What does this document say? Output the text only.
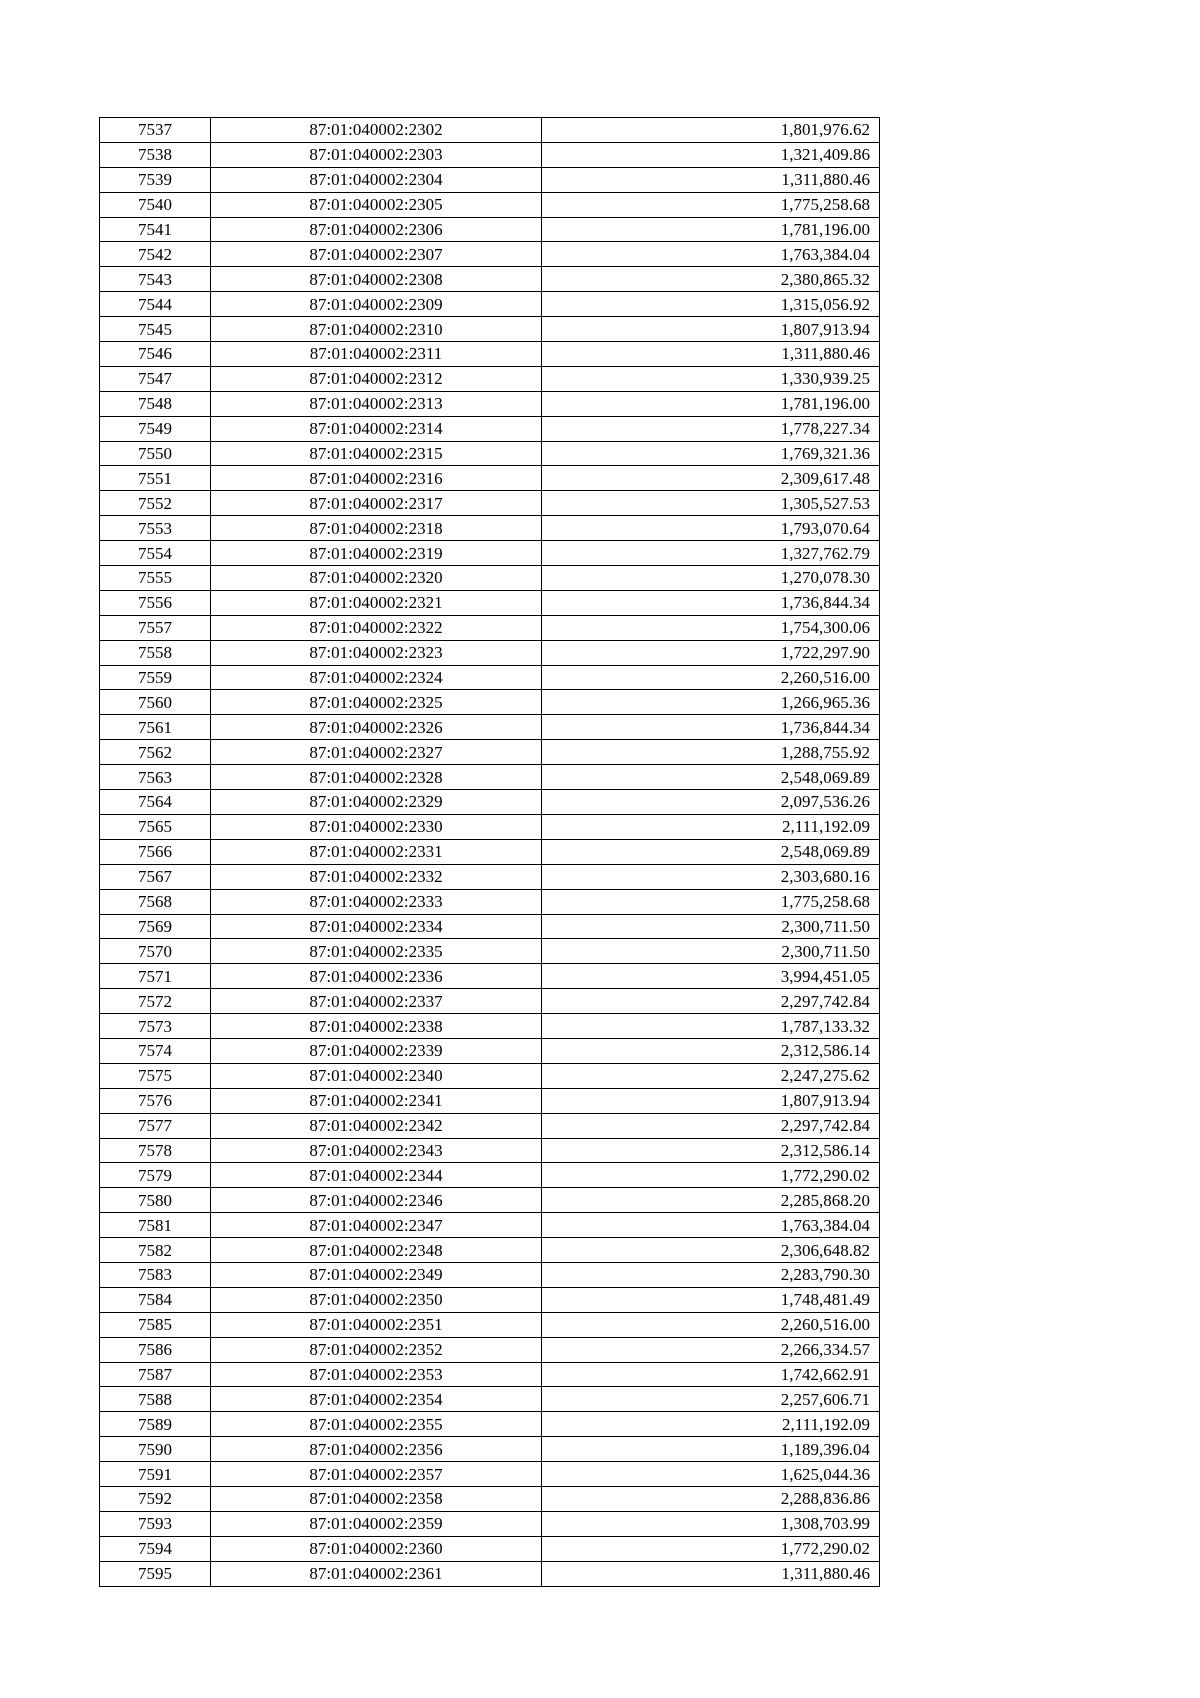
7537	87:01:040002:2302	1,801,976.62
7538	87:01:040002:2303	1,321,409.86
7539	87:01:040002:2304	1,311,880.46
7540	87:01:040002:2305	1,775,258.68
7541	87:01:040002:2306	1,781,196.00
7542	87:01:040002:2307	1,763,384.04
7543	87:01:040002:2308	2,380,865.32
7544	87:01:040002:2309	1,315,056.92
7545	87:01:040002:2310	1,807,913.94
7546	87:01:040002:2311	1,311,880.46
7547	87:01:040002:2312	1,330,939.25
7548	87:01:040002:2313	1,781,196.00
7549	87:01:040002:2314	1,778,227.34
7550	87:01:040002:2315	1,769,321.36
7551	87:01:040002:2316	2,309,617.48
7552	87:01:040002:2317	1,305,527.53
7553	87:01:040002:2318	1,793,070.64
7554	87:01:040002:2319	1,327,762.79
7555	87:01:040002:2320	1,270,078.30
7556	87:01:040002:2321	1,736,844.34
7557	87:01:040002:2322	1,754,300.06
7558	87:01:040002:2323	1,722,297.90
7559	87:01:040002:2324	2,260,516.00
7560	87:01:040002:2325	1,266,965.36
7561	87:01:040002:2326	1,736,844.34
7562	87:01:040002:2327	1,288,755.92
7563	87:01:040002:2328	2,548,069.89
7564	87:01:040002:2329	2,097,536.26
7565	87:01:040002:2330	2,111,192.09
7566	87:01:040002:2331	2,548,069.89
7567	87:01:040002:2332	2,303,680.16
7568	87:01:040002:2333	1,775,258.68
7569	87:01:040002:2334	2,300,711.50
7570	87:01:040002:2335	2,300,711.50
7571	87:01:040002:2336	3,994,451.05
7572	87:01:040002:2337	2,297,742.84
7573	87:01:040002:2338	1,787,133.32
7574	87:01:040002:2339	2,312,586.14
7575	87:01:040002:2340	2,247,275.62
7576	87:01:040002:2341	1,807,913.94
7577	87:01:040002:2342	2,297,742.84
7578	87:01:040002:2343	2,312,586.14
7579	87:01:040002:2344	1,772,290.02
7580	87:01:040002:2346	2,285,868.20
7581	87:01:040002:2347	1,763,384.04
7582	87:01:040002:2348	2,306,648.82
7583	87:01:040002:2349	2,283,790.30
7584	87:01:040002:2350	1,748,481.49
7585	87:01:040002:2351	2,260,516.00
7586	87:01:040002:2352	2,266,334.57
7587	87:01:040002:2353	1,742,662.91
7588	87:01:040002:2354	2,257,606.71
7589	87:01:040002:2355	2,111,192.09
7590	87:01:040002:2356	1,189,396.04
7591	87:01:040002:2357	1,625,044.36
7592	87:01:040002:2358	2,288,836.86
7593	87:01:040002:2359	1,308,703.99
7594	87:01:040002:2360	1,772,290.02
7595	87:01:040002:2361	1,311,880.46
